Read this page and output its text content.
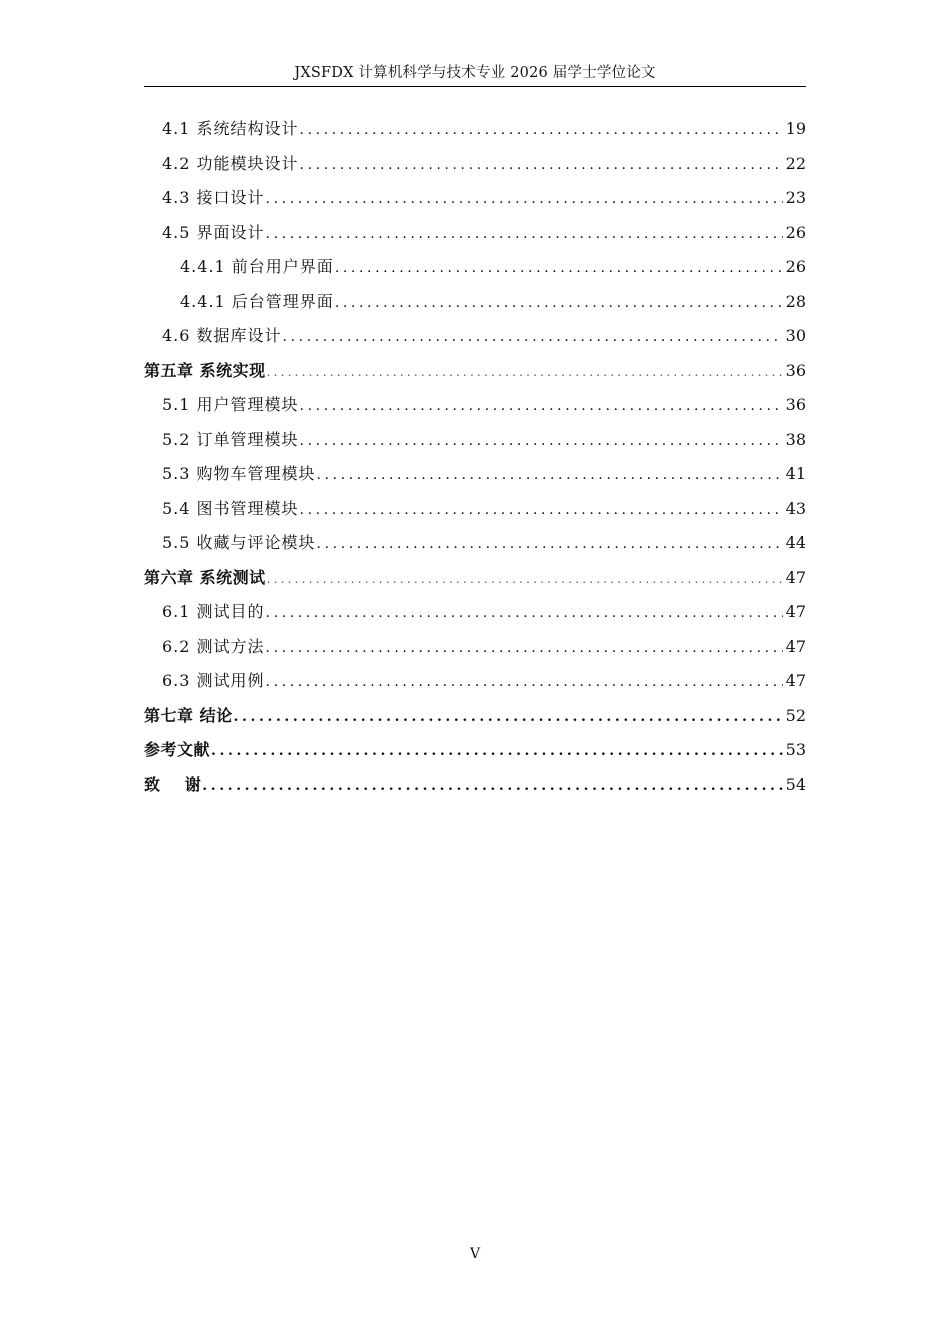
JXSFDX 计算机科学与技术专业 2026 届学士学位论文
4.1 系统结构设计 .....	19
4.2 功能模块设计 .....	22
4.3 接口设计 .....	23
4.5 界面设计 .....	26
4.4.1 前台用户界面 .....	26
4.4.1 后台管理界面 .....	28
4.6 数据库设计 .....	30
第五章 系统实现 .....	36
5.1 用户管理模块 .....	36
5.2 订单管理模块 .....	38
5.3 购物车管理模块 .....	41
5.4 图书管理模块 .....	43
5.5 收藏与评论模块 .....	44
第六章 系统测试 .....	47
6.1 测试目的 .....	47
6.2 测试方法 .....	47
6.3 测试用例 .....	47
第七章 结论 .....	52
参考文献 .....	53
致    谢 .....	54
V
